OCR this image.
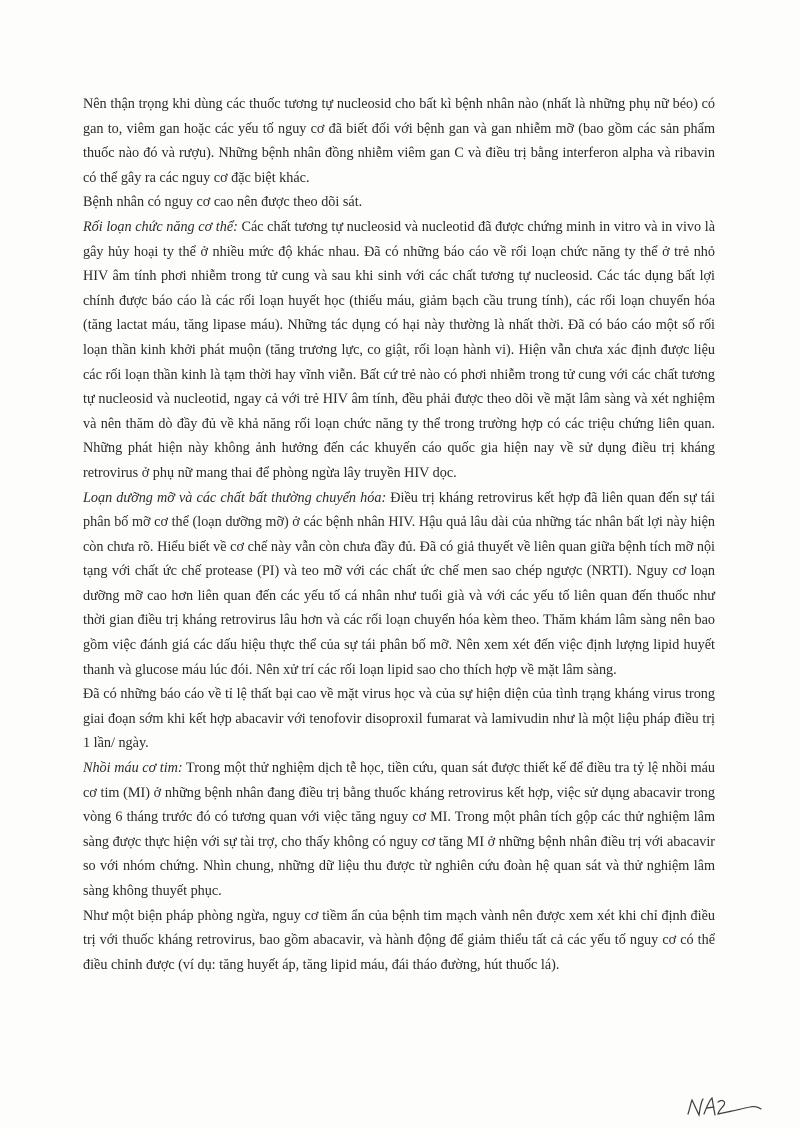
Nên thận trọng khi dùng các thuốc tương tự nucleosid cho bất kì bệnh nhân nào (nhất là những phụ nữ béo) có gan to, viêm gan hoặc các yếu tố nguy cơ đã biết đối với bệnh gan và gan nhiễm mỡ (bao gồm các sản phẩm thuốc nào đó và rượu). Những bệnh nhân đồng nhiễm viêm gan C và điều trị bằng interferon alpha và ribavin có thể gây ra các nguy cơ đặc biệt khác.

Bệnh nhân có nguy cơ cao nên được theo dõi sát.

Rối loạn chức năng cơ thể: Các chất tương tự nucleosid và nucleotid đã được chứng minh in vitro và in vivo là gây hủy hoại ty thể ở nhiều mức độ khác nhau. Đã có những báo cáo về rối loạn chức năng ty thể ở trẻ nhỏ HIV âm tính phơi nhiễm trong tử cung và sau khi sinh với các chất tương tự nucleosid. Các tác dụng bất lợi chính được báo cáo là các rối loạn huyết học (thiếu máu, giảm bạch cầu trung tính), các rối loạn chuyển hóa (tăng lactat máu, tăng lipase máu). Những tác dụng có hại này thường là nhất thời. Đã có báo cáo một số rối loạn thần kinh khởi phát muộn (tăng trương lực, co giật, rối loạn hành vi). Hiện vẫn chưa xác định được liệu các rối loạn thần kinh là tạm thời hay vĩnh viễn. Bất cứ trẻ nào có phơi nhiễm trong tử cung với các chất tương tự nucleosid và nucleotid, ngay cả với trẻ HIV âm tính, đều phải được theo dõi về mặt lâm sàng và xét nghiệm và nên thăm dò đầy đủ về khả năng rối loạn chức năng ty thể trong trường hợp có các triệu chứng liên quan. Những phát hiện này không ảnh hưởng đến các khuyến cáo quốc gia hiện nay về sử dụng điều trị kháng retrovirus ở phụ nữ mang thai để phòng ngừa lây truyền HIV dọc.

Loạn dưỡng mỡ và các chất bất thường chuyển hóa: Điều trị kháng retrovirus kết hợp đã liên quan đến sự tái phân bố mỡ cơ thể (loạn dưỡng mỡ) ở các bệnh nhân HIV. Hậu quả lâu dài của những tác nhân bất lợi này hiện còn chưa rõ. Hiểu biết về cơ chế này vẫn còn chưa đầy đủ. Đã có giả thuyết về liên quan giữa bệnh tích mỡ nội tạng với chất ức chế protease (PI) và teo mỡ với các chất ức chế men sao chép ngược (NRTI). Nguy cơ loạn dưỡng mỡ cao hơn liên quan đến các yếu tố cá nhân như tuổi già và với các yếu tố liên quan đến thuốc như thời gian điều trị kháng retrovirus lâu hơn và các rối loạn chuyển hóa kèm theo. Thăm khám lâm sàng nên bao gồm việc đánh giá các dấu hiệu thực thể của sự tái phân bố mỡ. Nên xem xét đến việc định lượng lipid huyết thanh và glucose máu lúc đói. Nên xử trí các rối loạn lipid sao cho thích hợp về mặt lâm sàng.

Đã có những báo cáo về tỉ lệ thất bại cao về mặt virus học và của sự hiện diện của tình trạng kháng virus trong giai đoạn sớm khi kết hợp abacavir với tenofovir disoproxil fumarat và lamivudin như là một liệu pháp điều trị 1 lần/ ngày.

Nhồi máu cơ tim: Trong một thử nghiệm dịch tễ học, tiền cứu, quan sát được thiết kế để điều tra tỷ lệ nhồi máu cơ tim (MI) ở những bệnh nhân đang điều trị bằng thuốc kháng retrovirus kết hợp, việc sử dụng abacavir trong vòng 6 tháng trước đó có tương quan với việc tăng nguy cơ MI. Trong một phân tích gộp các thử nghiệm lâm sàng được thực hiện với sự tài trợ, cho thấy không có nguy cơ tăng MI ở những bệnh nhân điều trị với abacavir so với nhóm chứng. Nhìn chung, những dữ liệu thu được từ nghiên cứu đoàn hệ quan sát và thử nghiệm lâm sàng không thuyết phục.

Như một biện pháp phòng ngừa, nguy cơ tiềm ẩn của bệnh tim mạch vành nên được xem xét khi chỉ định điều trị với thuốc kháng retrovirus, bao gồm abacavir, và hành động để giảm thiểu tất cả các yếu tố nguy cơ có thể điều chỉnh được (ví dụ: tăng huyết áp, tăng lipid máu, đái tháo đường, hút thuốc lá).
